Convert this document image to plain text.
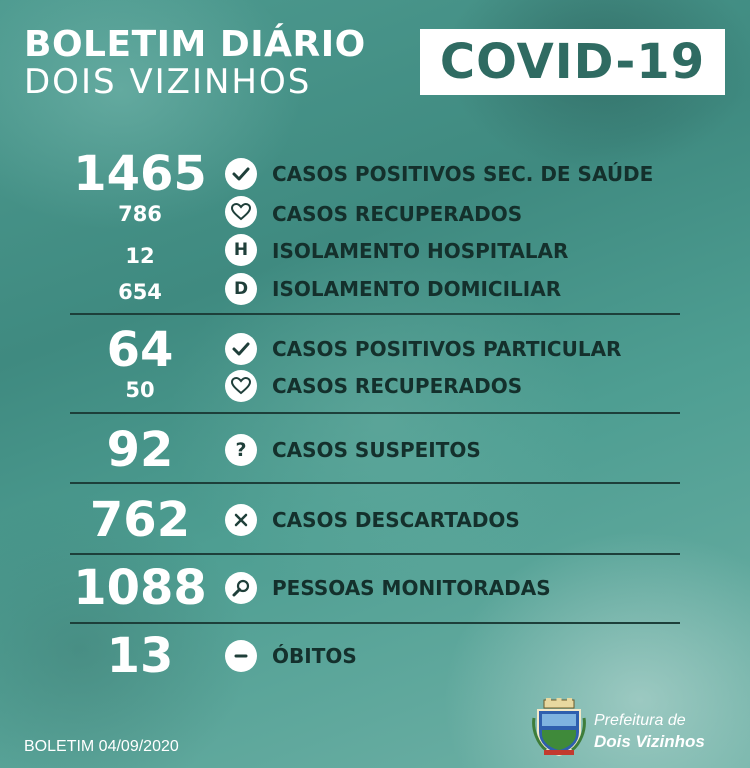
BOLETIM DIÁRIO
DOIS VIZINHOS	COVID-19
1465	CASOS POSITIVOS SEC. DE SAÚDE
786	CASOS RECUPERADOS
12	H	ISOLAMENTO HOSPITALAR
654	D	ISOLAMENTO DOMICILIAR
64	CASOS POSITIVOS PARTICULAR
50	CASOS RECUPERADOS
92	?	CASOS SUSPEITOS
762	CASOS DESCARTADOS
1088	PESSOAS MONITORADAS
13	ÓBITOS
BOLETIM 04/09/2020
Prefeitura de
Dois Vizinhos
